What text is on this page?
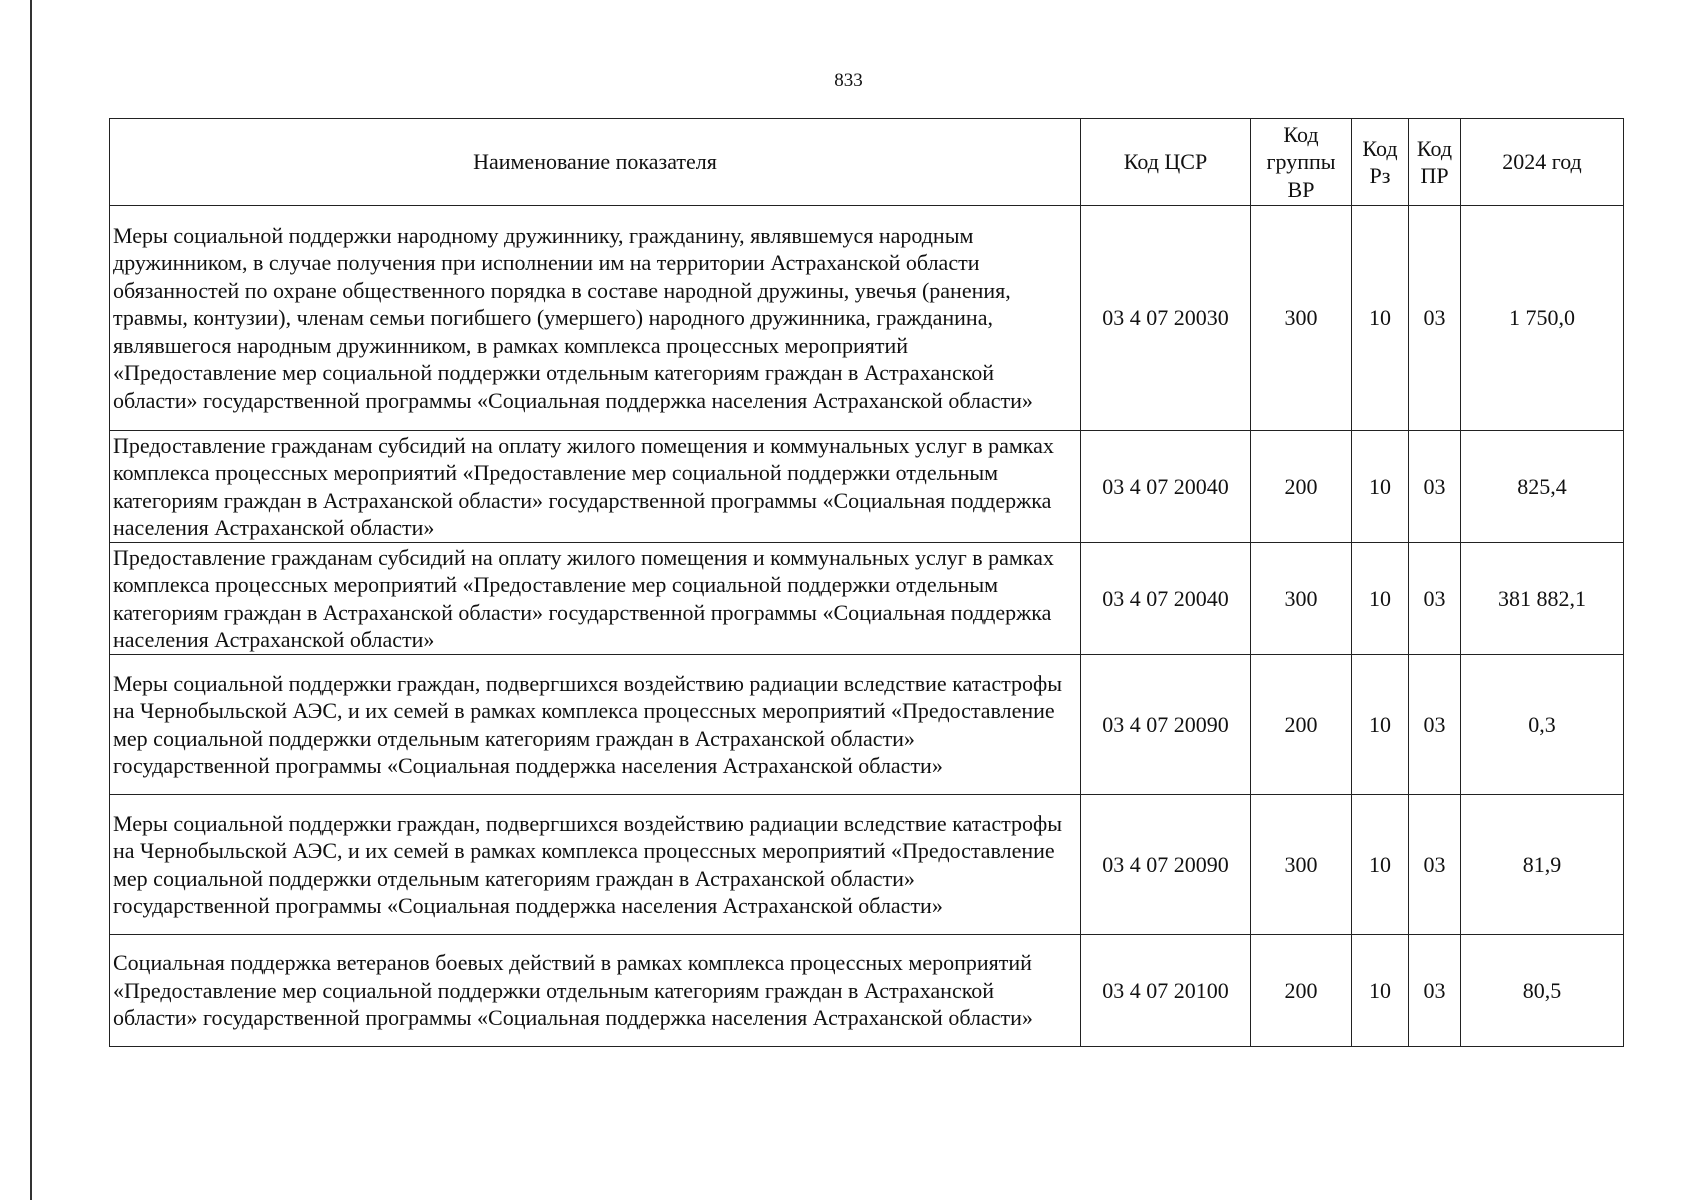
833
Наименование показателя	Код ЦСР	Код группы ВР	Код Рз	Код ПР	2024 год
Меры социальной поддержки народному дружиннику, гражданину, являвшемуся народным дружинником, в случае получения при исполнении им на территории Астраханской области обязанностей по охране общественного порядка в составе народной дружины, увечья (ранения, травмы, контузии), членам семьи погибшего (умершего) народного дружинника, гражданина, являвшегося народным дружинником, в рамках комплекса процессных мероприятий «Предоставление мер социальной поддержки отдельным категориям граждан в Астраханской области» государственной программы «Социальная поддержка населения Астраханской области»	03 4 07 20030	300	10	03	1 750,0
Предоставление гражданам субсидий на оплату жилого помещения и коммунальных услуг в рамках комплекса процессных мероприятий «Предоставление мер социальной поддержки отдельным категориям граждан в Астраханской области» государственной программы «Социальная поддержка населения Астраханской области»	03 4 07 20040	200	10	03	825,4
Предоставление гражданам субсидий на оплату жилого помещения и коммунальных услуг в рамках комплекса процессных мероприятий «Предоставление мер социальной поддержки отдельным категориям граждан в Астраханской области» государственной программы «Социальная поддержка населения Астраханской области»	03 4 07 20040	300	10	03	381 882,1
Меры социальной поддержки граждан, подвергшихся воздействию радиации вследствие катастрофы на Чернобыльской АЭС, и их семей в рамках комплекса процессных мероприятий «Предоставление мер социальной поддержки отдельным категориям граждан в Астраханской области» государственной программы «Социальная поддержка населения Астраханской области»	03 4 07 20090	200	10	03	0,3
Меры социальной поддержки граждан, подвергшихся воздействию радиации вследствие катастрофы на Чернобыльской АЭС, и их семей в рамках комплекса процессных мероприятий «Предоставление мер социальной поддержки отдельным категориям граждан в Астраханской области» государственной программы «Социальная поддержка населения Астраханской области»	03 4 07 20090	300	10	03	81,9
Социальная поддержка ветеранов боевых действий в рамках комплекса процессных мероприятий «Предоставление мер социальной поддержки отдельным категориям граждан в Астраханской области» государственной программы «Социальная поддержка населения Астраханской области»	03 4 07 20100	200	10	03	80,5
